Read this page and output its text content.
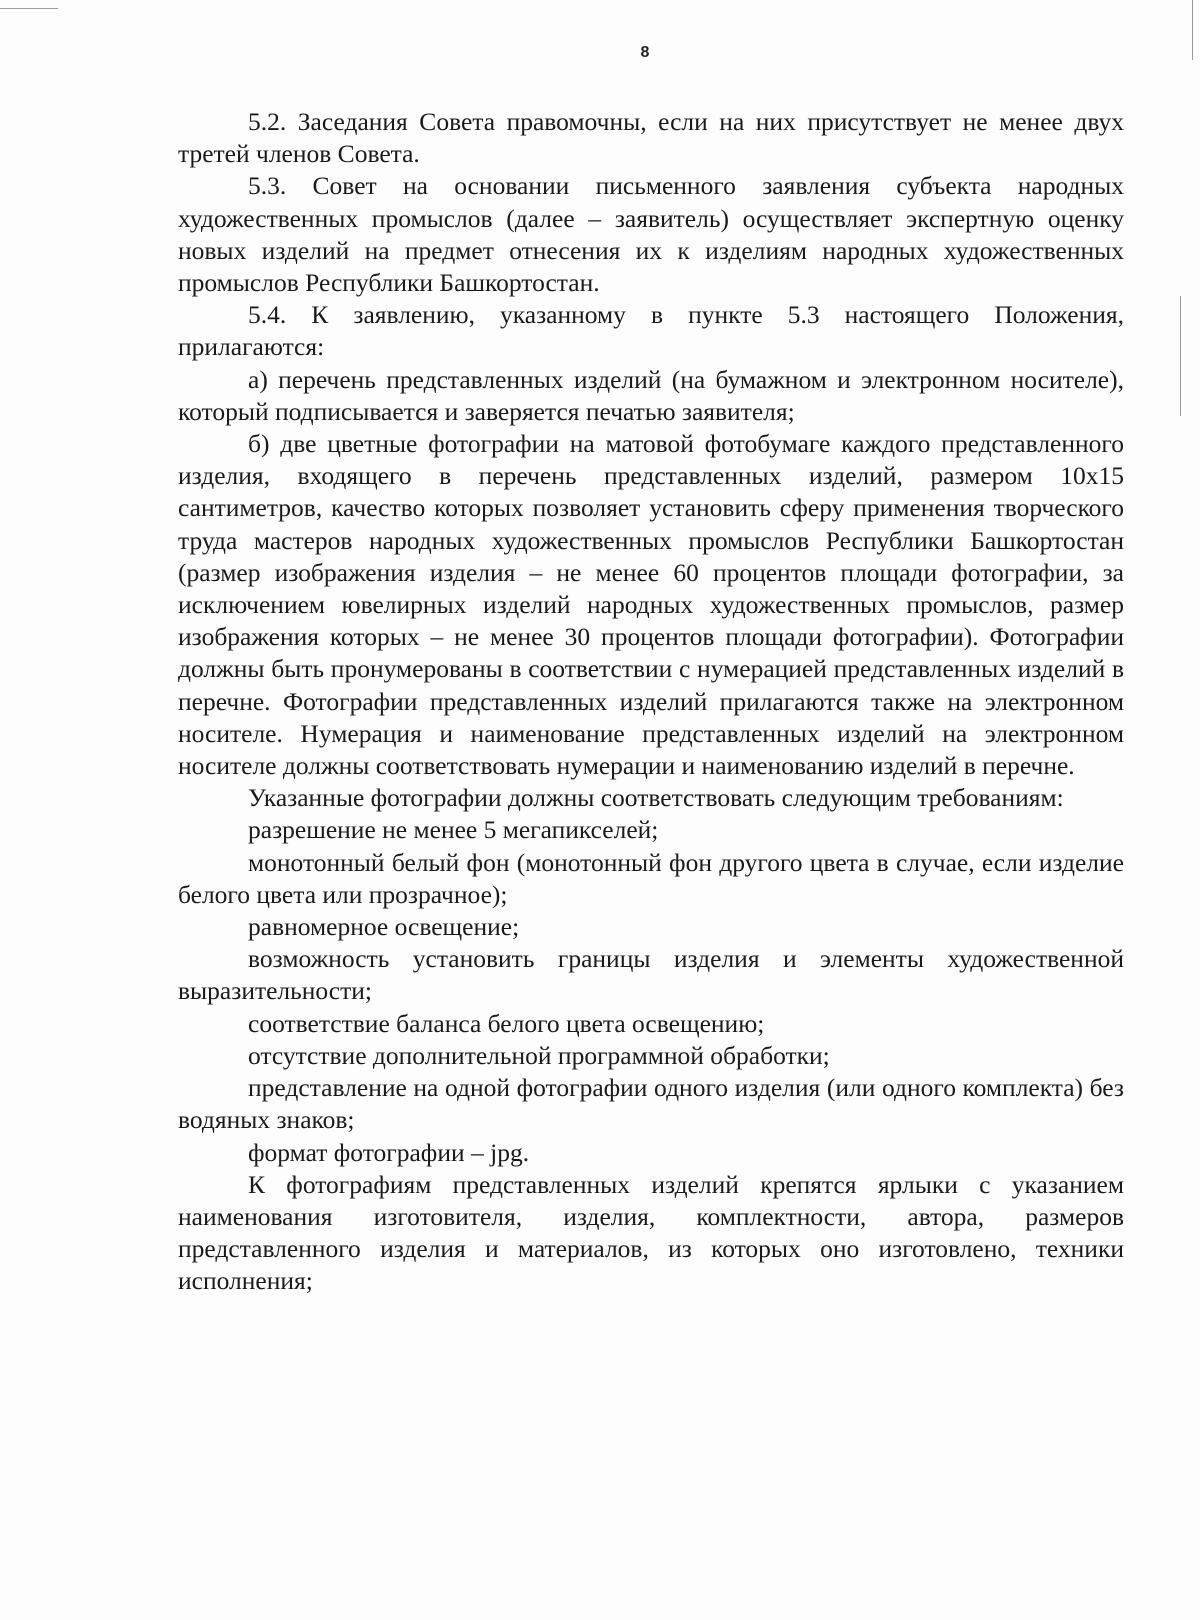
8

5.2. Заседания Совета правомочны, если на них присутствует не менее двух третей членов Совета.

5.3. Совет на основании письменного заявления субъекта народных художественных промыслов (далее – заявитель) осуществляет экспертную оценку новых изделий на предмет отнесения их к изделиям народных художественных промыслов Республики Башкортостан.

5.4. К заявлению, указанному в пункте 5.3 настоящего Положения, прилагаются:

а) перечень представленных изделий (на бумажном и электронном носителе), который подписывается и заверяется печатью заявителя;

б) две цветные фотографии на матовой фотобумаге каждого представленного изделия, входящего в перечень представленных изделий, размером 10х15 сантиметров, качество которых позволяет установить сферу применения творческого труда мастеров народных художественных промыслов Республики Башкортостан (размер изображения изделия – не менее 60 процентов площади фотографии, за исключением ювелирных изделий народных художественных промыслов, размер изображения которых – не менее 30 процентов площади фотографии). Фотографии должны быть пронумерованы в соответствии с нумерацией представленных изделий в перечне. Фотографии представленных изделий прилагаются также на электронном носителе. Нумерация и наименование представленных изделий на электронном носителе должны соответствовать нумерации и наименованию изделий в перечне.

Указанные фотографии должны соответствовать следующим требованиям:

разрешение не менее 5 мегапикселей;

монотонный белый фон (монотонный фон другого цвета в случае, если изделие белого цвета или прозрачное);

равномерное освещение;

возможность установить границы изделия и элементы художественной выразительности;

соответствие баланса белого цвета освещению;

отсутствие дополнительной программной обработки;

представление на одной фотографии одного изделия (или одного комплекта) без водяных знаков;

формат фотографии – jpg.

К фотографиям представленных изделий крепятся ярлыки с указанием наименования изготовителя, изделия, комплектности, автора, размеров представленного изделия и материалов, из которых оно изготовлено, техники исполнения;
